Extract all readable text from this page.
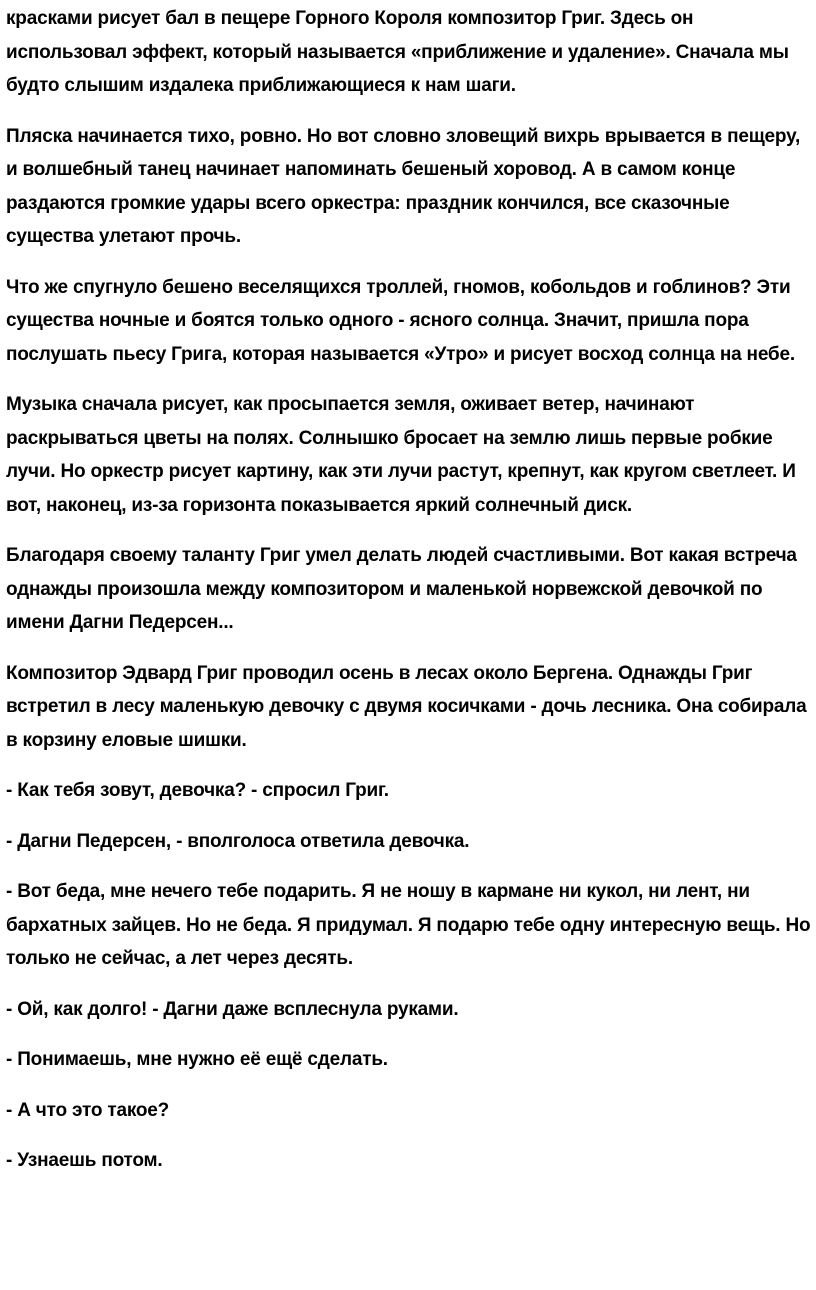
красками рисует бал в пещере Горного Короля композитор Григ. Здесь он использовал эффект, который называется «приближение и удаление». Сначала мы будто слышим издалека приближающиеся к нам шаги.

Пляска начинается тихо, ровно. Но вот словно зловещий вихрь врывается в пещеру, и волшебный танец начинает напоминать бешеный хоровод. А в самом конце раздаются громкие удары всего оркестра: праздник кончился, все сказочные существа улетают прочь.

Что же спугнуло бешено веселящихся троллей, гномов, кобольдов и гоблинов? Эти существа ночные и боятся только одного - ясного солнца. Значит, пришла пора послушать пьесу Грига, которая называется «Утро» и рисует восход солнца на небе.

Музыка сначала рисует, как просыпается земля, оживает ветер, начинают раскрываться цветы на полях. Солнышко бросает на землю лишь первые робкие лучи. Но оркестр рисует картину, как эти лучи растут, крепнут, как кругом светлеет. И вот, наконец, из-за горизонта показывается яркий солнечный диск.

Благодаря своему таланту Григ умел делать людей счастливыми. Вот какая встреча однажды произошла между композитором и маленькой норвежской девочкой по имени Дагни Педерсен...

Композитор Эдвард Григ проводил осень в лесах около Бергена. Однажды Григ встретил в лесу маленькую девочку с двумя косичками - дочь лесника. Она собирала в корзину еловые шишки.

- Как тебя зовут, девочка? - спросил Григ.

- Дагни Педерсен, - вполголоса ответила девочка.

- Вот беда, мне нечего тебе подарить. Я не ношу в кармане ни кукол, ни лент, ни бархатных зайцев. Но не беда. Я придумал. Я подарю тебе одну интересную вещь. Но только не сейчас, а лет через десять.

- Ой, как долго! - Дагни даже всплеснула руками.

- Понимаешь, мне нужно её ещё сделать.

- А что это такое?

- Узнаешь потом.
